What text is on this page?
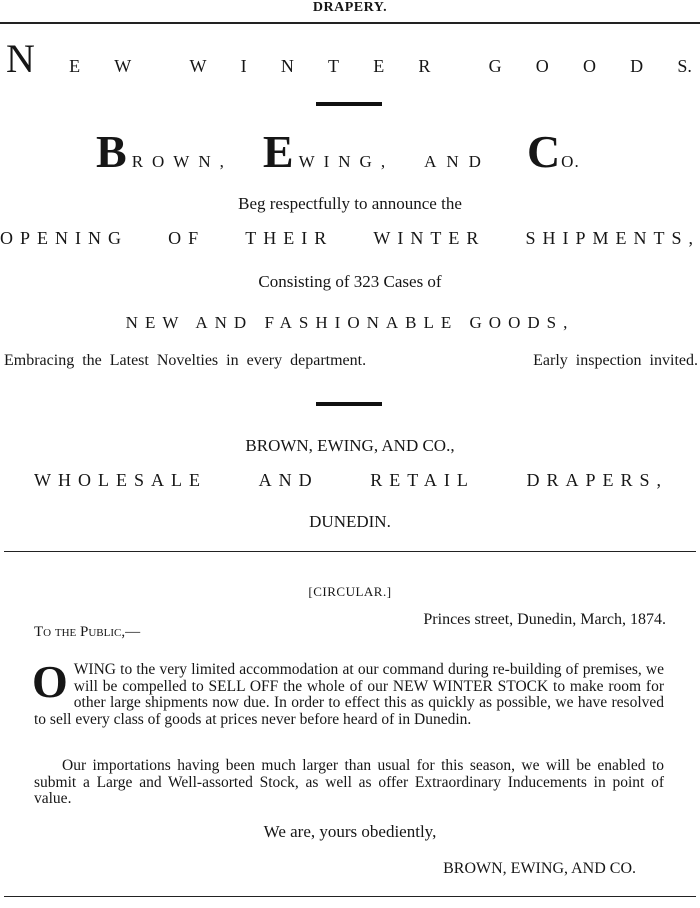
DRAPERY.
N E W	W I N T E R	G O O D S.
B ROWN, E WING, AND C O.
Beg respectfully to announce the
OPENING OF THEIR WINTER SHIPMENTS,
Consisting of 323 Cases of
NEW AND FASHIONABLE GOODS,
Embracing the Latest Novelties in every department.	Early inspection invited.
BROWN, EWING, AND CO.,
WHOLESALE	AND	RETAIL	DRAPERS,
DUNEDIN.
[CIRCULAR.]
Princes street, Dunedin, March, 1874.
To the Public,—
O WING to the very limited accommodation at our command during re-building of premises, we will be compelled to SELL OFF the whole of our NEW WINTER STOCK to make room for other large shipments now due. In order to effect this as quickly as possible, we have resolved to sell every class of goods at prices never before heard of in Dunedin.
Our importations having been much larger than usual for this season, we will be enabled to submit a Large and Well-assorted Stock, as well as offer Extraordinary Inducements in point of value.
We are, yours obediently,
BROWN, EWING, AND CO.
